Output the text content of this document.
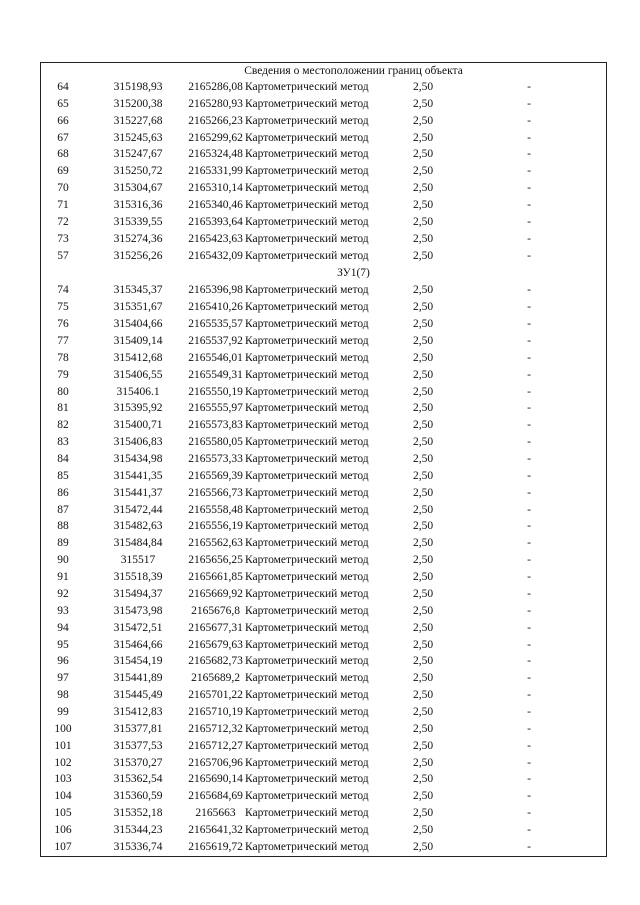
Сведения о местоположении границ объекта
64	315198,93	2165286,08 Картометрический метод	2,50	-
65	315200,38	2165280,93 Картометрический метод	2,50	-
66	315227,68	2165266,23 Картометрический метод	2,50	-
67	315245,63	2165299,62 Картометрический метод	2,50	-
68	315247,67	2165324,48 Картометрический метод	2,50	-
69	315250,72	2165331,99 Картометрический метод	2,50	-
70	315304,67	2165310,14 Картометрический метод	2,50	-
71	315316,36	2165340,46 Картометрический метод	2,50	-
72	315339,55	2165393,64 Картометрический метод	2,50	-
73	315274,36	2165423,63 Картометрический метод	2,50	-
57	315256,26	2165432,09 Картометрический метод	2,50	-
ЗУ1(7)
74	315345,37	2165396,98 Картометрический метод	2,50	-
75	315351,67	2165410,26 Картометрический метод	2,50	-
76	315404,66	2165535,57 Картометрический метод	2,50	-
77	315409,14	2165537,92 Картометрический метод	2,50	-
78	315412,68	2165546,01 Картометрический метод	2,50	-
79	315406,55	2165549,31 Картометрический метод	2,50	-
80	315406.1	2165550,19 Картометрический метод	2,50	-
81	315395,92	2165555,97 Картометрический метод	2,50	-
82	315400,71	2165573,83 Картометрический метод	2,50	-
83	315406,83	2165580,05 Картометрический метод	2,50	-
84	315434,98	2165573,33 Картометрический метод	2,50	-
85	315441,35	2165569,39 Картометрический метод	2,50	-
86	315441,37	2165566,73 Картометрический метод	2,50	-
87	315472,44	2165558,48 Картометрический метод	2,50	-
88	315482,63	2165556,19 Картометрический метод	2,50	-
89	315484,84	2165562,63 Картометрический метод	2,50	-
90	315517	2165656,25 Картометрический метод	2,50	-
91	315518,39	2165661,85 Картометрический метод	2,50	-
92	315494,37	2165669,92 Картометрический метод	2,50	-
93	315473,98	2165676,8 Картометрический метод	2,50	-
94	315472,51	2165677,31 Картометрический метод	2,50	-
95	315464,66	2165679,63 Картометрический метод	2,50	-
96	315454,19	2165682,73 Картометрический метод	2,50	-
97	315441,89	2165689,2 Картометрический метод	2,50	-
98	315445,49	2165701,22 Картометрический метод	2,50	-
99	315412,83	2165710,19 Картометрический метод	2,50	-
100	315377,81	2165712,32 Картометрический метод	2,50	-
101	315377,53	2165712,27 Картометрический метод	2,50	-
102	315370,27	2165706,96 Картометрический метод	2,50	-
103	315362,54	2165690,14 Картометрический метод	2,50	-
104	315360,59	2165684,69 Картометрический метод	2,50	-
105	315352,18	2165663 Картометрический метод	2,50	-
106	315344,23	2165641,32 Картометрический метод	2,50	-
107	315336,74	2165619,72 Картометрический метод	2,50	-
